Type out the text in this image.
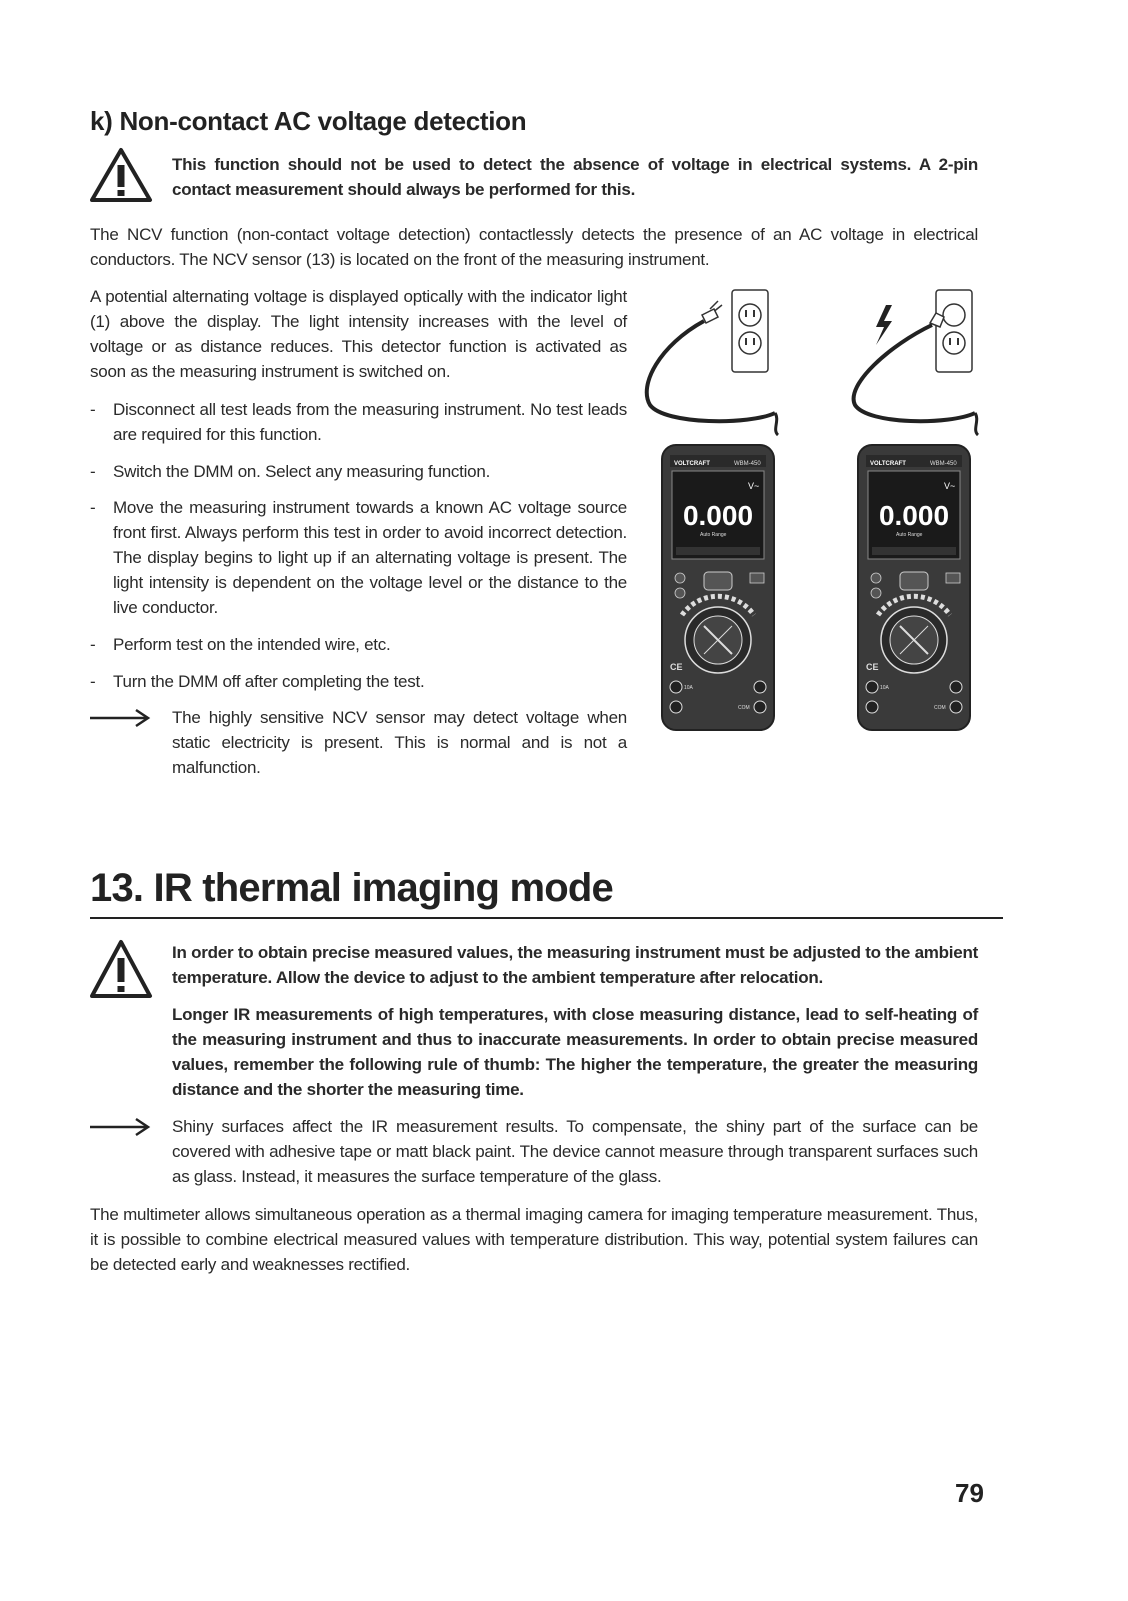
k) Non-contact AC voltage detection
This function should not be used to detect the absence of voltage in electrical systems. A 2-pin contact measurement should always be performed for this.
The NCV function (non-contact voltage detection) contactlessly detects the presence of an AC voltage in electrical conductors. The NCV sensor (13) is located on the front of the measuring instrument.
A potential alternating voltage is displayed optically with the indicator light (1) above the display. The light intensity increases with the level of voltage or as distance reduces. This detector function is activated as soon as the measuring instrument is switched on.
- Disconnect all test leads from the measuring instrument. No test leads are required for this function.
- Switch the DMM on. Select any measuring function.
- Move the measuring instrument towards a known AC voltage source front first. Always perform this test in order to avoid incorrect detection. The display begins to light up if an alternating voltage is present. The light intensity is dependent on the voltage level or the distance to the live conductor.
- Perform test on the intended wire, etc.
- Turn the DMM off after completing the test.
The highly sensitive NCV sensor may detect voltage when static electricity is present. This is normal and is not a malfunction.
VOLTCRAFT	WBM-450
0.000
V~
Auto Range
CE
10A
COM
VOLTCRAFT	WBM-450
0.000
V~
Auto Range
CE
10A
COM
13. IR thermal imaging mode
In order to obtain precise measured values, the measuring instrument must be adjusted to the ambient temperature. Allow the device to adjust to the ambient temperature after relocation.
Longer IR measurements of high temperatures, with close measuring distance, lead to self-heating of the measuring instrument and thus to inaccurate measurements. In order to obtain precise measured values, remember the following rule of thumb: The higher the temperature, the greater the measuring distance and the shorter the measuring time.
Shiny surfaces affect the IR measurement results. To compensate, the shiny part of the surface can be covered with adhesive tape or matt black paint. The device cannot measure through transparent surfaces such as glass. Instead, it measures the surface temperature of the glass.
The multimeter allows simultaneous operation as a thermal imaging camera for imaging temperature measurement. Thus, it is possible to combine electrical measured values with temperature distribution. This way, potential system failures can be detected early and weaknesses rectified.
79
